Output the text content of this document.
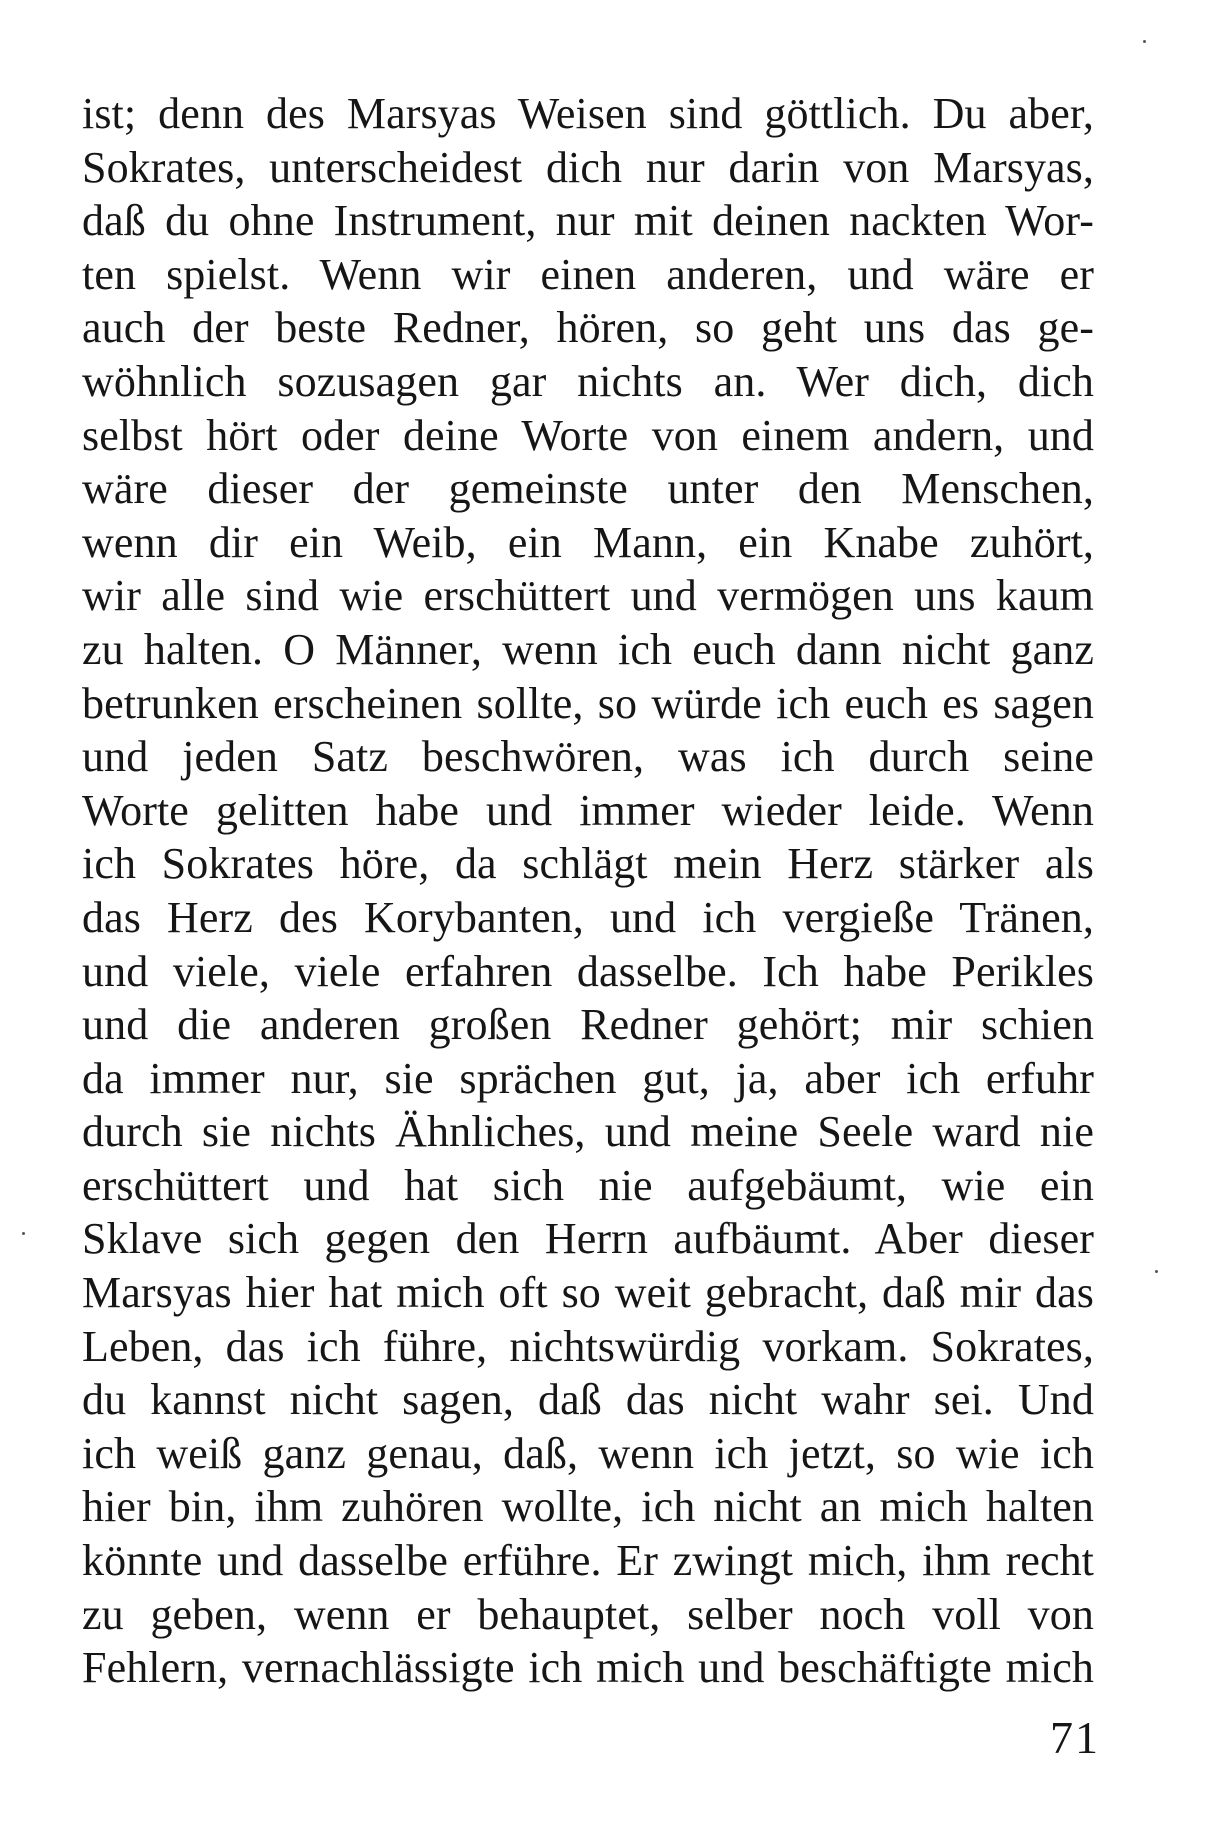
ist; denn des Marsyas Weisen sind göttlich. Du aber,
Sokrates, unterscheidest dich nur darin von Marsyas,
daß du ohne Instrument, nur mit deinen nackten Wor-
ten spielst. Wenn wir einen anderen, und wäre er
auch der beste Redner, hören, so geht uns das ge-
wöhnlich sozusagen gar nichts an. Wer dich, dich
selbst hört oder deine Worte von einem andern, und
wäre dieser der gemeinste unter den Menschen,
wenn dir ein Weib, ein Mann, ein Knabe zuhört,
wir alle sind wie erschüttert und vermögen uns kaum
zu halten. O Männer, wenn ich euch dann nicht ganz
betrunken erscheinen sollte, so würde ich euch es sagen
und jeden Satz beschwören, was ich durch seine
Worte gelitten habe und immer wieder leide. Wenn
ich Sokrates höre, da schlägt mein Herz stärker als
das Herz des Korybanten, und ich vergieße Tränen,
und viele, viele erfahren dasselbe. Ich habe Perikles
und die anderen großen Redner gehört; mir schien
da immer nur, sie sprächen gut, ja, aber ich erfuhr
durch sie nichts Ähnliches, und meine Seele ward nie
erschüttert und hat sich nie aufgebäumt, wie ein
Sklave sich gegen den Herrn aufbäumt. Aber dieser
Marsyas hier hat mich oft so weit gebracht, daß mir das
Leben, das ich führe, nichtswürdig vorkam. Sokrates,
du kannst nicht sagen, daß das nicht wahr sei. Und
ich weiß ganz genau, daß, wenn ich jetzt, so wie ich
hier bin, ihm zuhören wollte, ich nicht an mich halten
könnte und dasselbe erführe. Er zwingt mich, ihm recht
zu geben, wenn er behauptet, selber noch voll von
Fehlern, vernachlässigte ich mich und beschäftigte mich
71
